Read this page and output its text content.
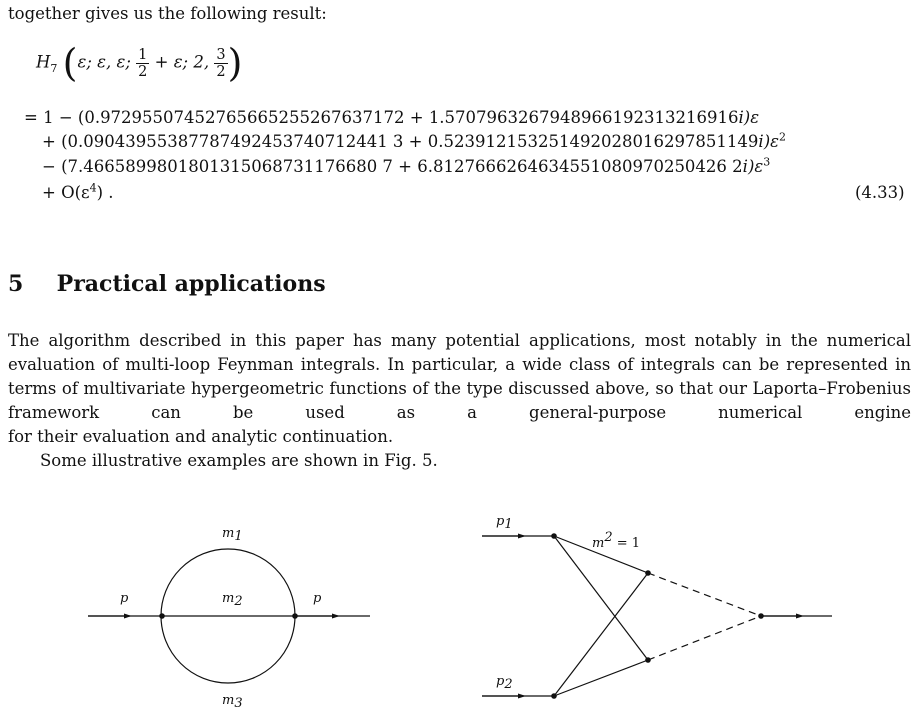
together gives us the following result:
$H_7$ (ε; ε, ε; $\frac{1}{2} + \varepsilon$; 2, $\frac{3}{2}$ )
= 1 − (0.97295507452765665255267637172 + 1.5707963267948966192313216916i)ε
+ (0.09043955387787492453740712441 $3 + 0.523912153251492028016297851149i)\varepsilon^2$
− (7.4665899801801315068731176680 7 + 6.8127666264634551080970250426 $2i)\varepsilon^3$
+ $O(\varepsilon^4)$ .	(4.33)
5 Practical applications
The algorithm described in this paper has many potential applications, most notably in the numerical evaluation of multi-loop Feynman integrals. In particular, a wide class of integrals can be represented in terms of multivariate hypergeometric functions of the type discussed above, so that our Laporta–Frobenius framework can be used as a general-purpose numerical engine
for their evaluation and analytic continuation.
Some illustrative examples are shown in Fig. 5.
m1
m2
m3
p	p
p1
p2
m2 = 1
